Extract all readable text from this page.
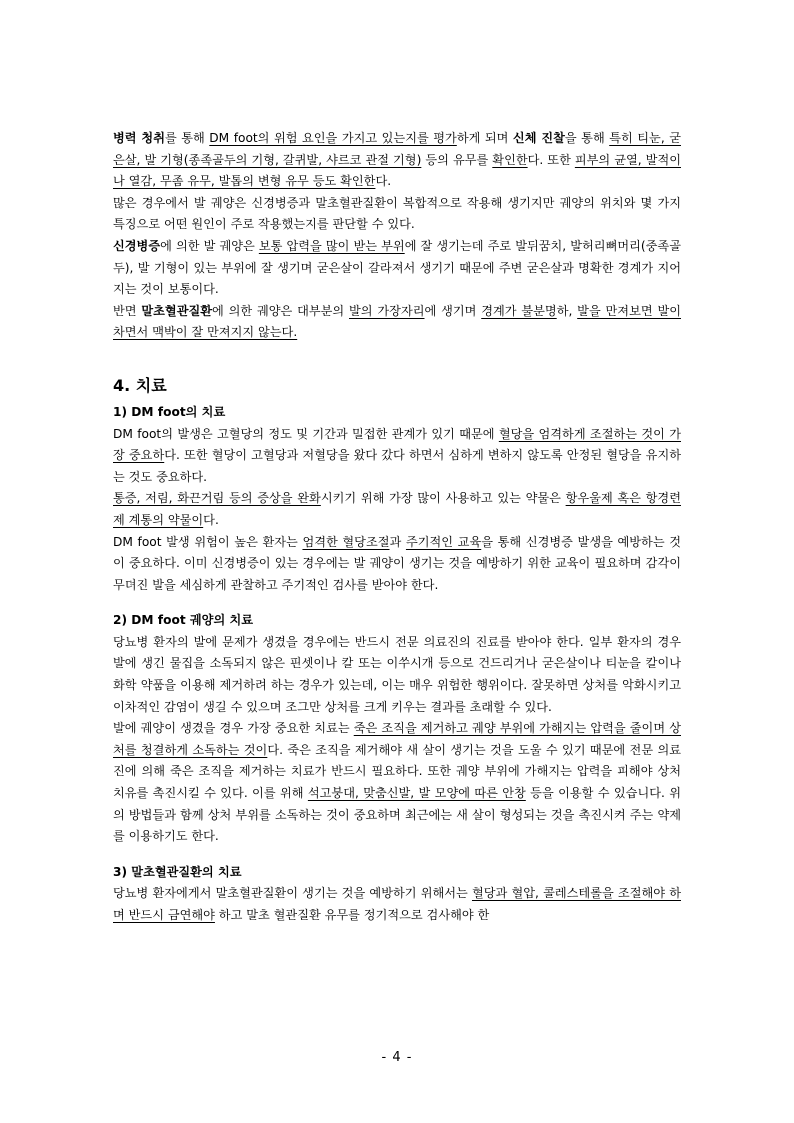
병력 청취를 통해 DM foot의 위험 요인을 가지고 있는지를 평가하게 되며 신체 진찰을 통해 특히 티눈, 굳은살, 발 기형(종족골두의 기형, 갈퀴발, 샤르코 관절 기형) 등의 유무를 확인한다. 또한 피부의 균열, 발적이나 열감, 무좀 유무, 발톱의 변형 유무 등도 확인한다.

많은 경우에서 발 궤양은 신경병증과 말초혈관질환이 복합적으로 작용해 생기지만 궤양의 위치와 몇 가지 특징으로 어떤 원인이 주로 작용했는지를 판단할 수 있다.

신경병증에 의한 발 궤양은 보통 압력을 많이 받는 부위에 잘 생기는데 주로 발뒤꿈치, 발허리뼈머리(중족골두), 발 기형이 있는 부위에 잘 생기며 굳은살이 갈라져서 생기기 때문에 주변 굳은살과 명확한 경계가 지어지는 것이 보통이다.

반면 말초혈관질환에 의한 궤양은 대부분의 발의 가장자리에 생기며 경계가 불분명하, 발을 만져보면 발이 차면서 맥박이 잘 만져지지 않는다.

4. 치료
1) DM foot의 치료

DM foot의 발생은 고혈당의 정도 및 기간과 밀접한 관계가 있기 때문에 혈당을 엄격하게 조절하는 것이 가장 중요하다. 또한 혈당이 고혈당과 저혈당을 왔다 갔다 하면서 심하게 변하지 않도록 안정된 혈당을 유지하는 것도 중요하다.

통증, 저림, 화끈거림 등의 증상을 완화시키기 위해 가장 많이 사용하고 있는 약물은 항우울제 혹은 항경련제 계통의 약물이다.

DM foot 발생 위험이 높은 환자는 엄격한 혈당조절과 주기적인 교육을 통해 신경병증 발생을 예방하는 것이 중요하다. 이미 신경병증이 있는 경우에는 발 궤양이 생기는 것을 예방하기 위한 교육이 필요하며 감각이 무뎌진 발을 세심하게 관찰하고 주기적인 검사를 받아야 한다.

2) DM foot 궤양의 치료

당뇨병 환자의 발에 문제가 생겼을 경우에는 반드시 전문 의료진의 진료를 받아야 한다. 일부 환자의 경우 발에 생긴 물집을 소독되지 않은 핀셋이나 칼 또는 이쑤시개 등으로 건드리거나 굳은살이나 티눈을 칼이나 화학 약품을 이용해 제거하려 하는 경우가 있는데, 이는 매우 위험한 행위이다. 잘못하면 상처를 악화시키고 이차적인 감염이 생길 수 있으며 조그만 상처를 크게 키우는 결과를 초래할 수 있다.

발에 궤양이 생겼을 경우 가장 중요한 치료는 죽은 조직을 제거하고 궤양 부위에 가해지는 압력을 줄이며 상처를 청결하게 소독하는 것이다. 죽은 조직을 제거해야 새 살이 생기는 것을 도울 수 있기 때문에 전문 의료진에 의해 죽은 조직을 제거하는 치료가 반드시 필요하다. 또한 궤양 부위에 가해지는 압력을 피해야 상처 치유를 촉진시킬 수 있다. 이를 위해 석고붕대, 맞춤신발, 발 모양에 따른 안창 등을 이용할 수 있습니다. 위의 방법들과 함께 상처 부위를 소독하는 것이 중요하며 최근에는 새 살이 형성되는 것을 촉진시켜 주는 약제를 이용하기도 한다.

3) 말초혈관질환의 치료

당뇨병 환자에게서 말초혈관질환이 생기는 것을 예방하기 위해서는 혈당과 혈압, 콜레스테롤을 조절해야 하며 반드시 금연해야 하고 말초 혈관질환 유무를 정기적으로 검사해야 한

- 4 -
